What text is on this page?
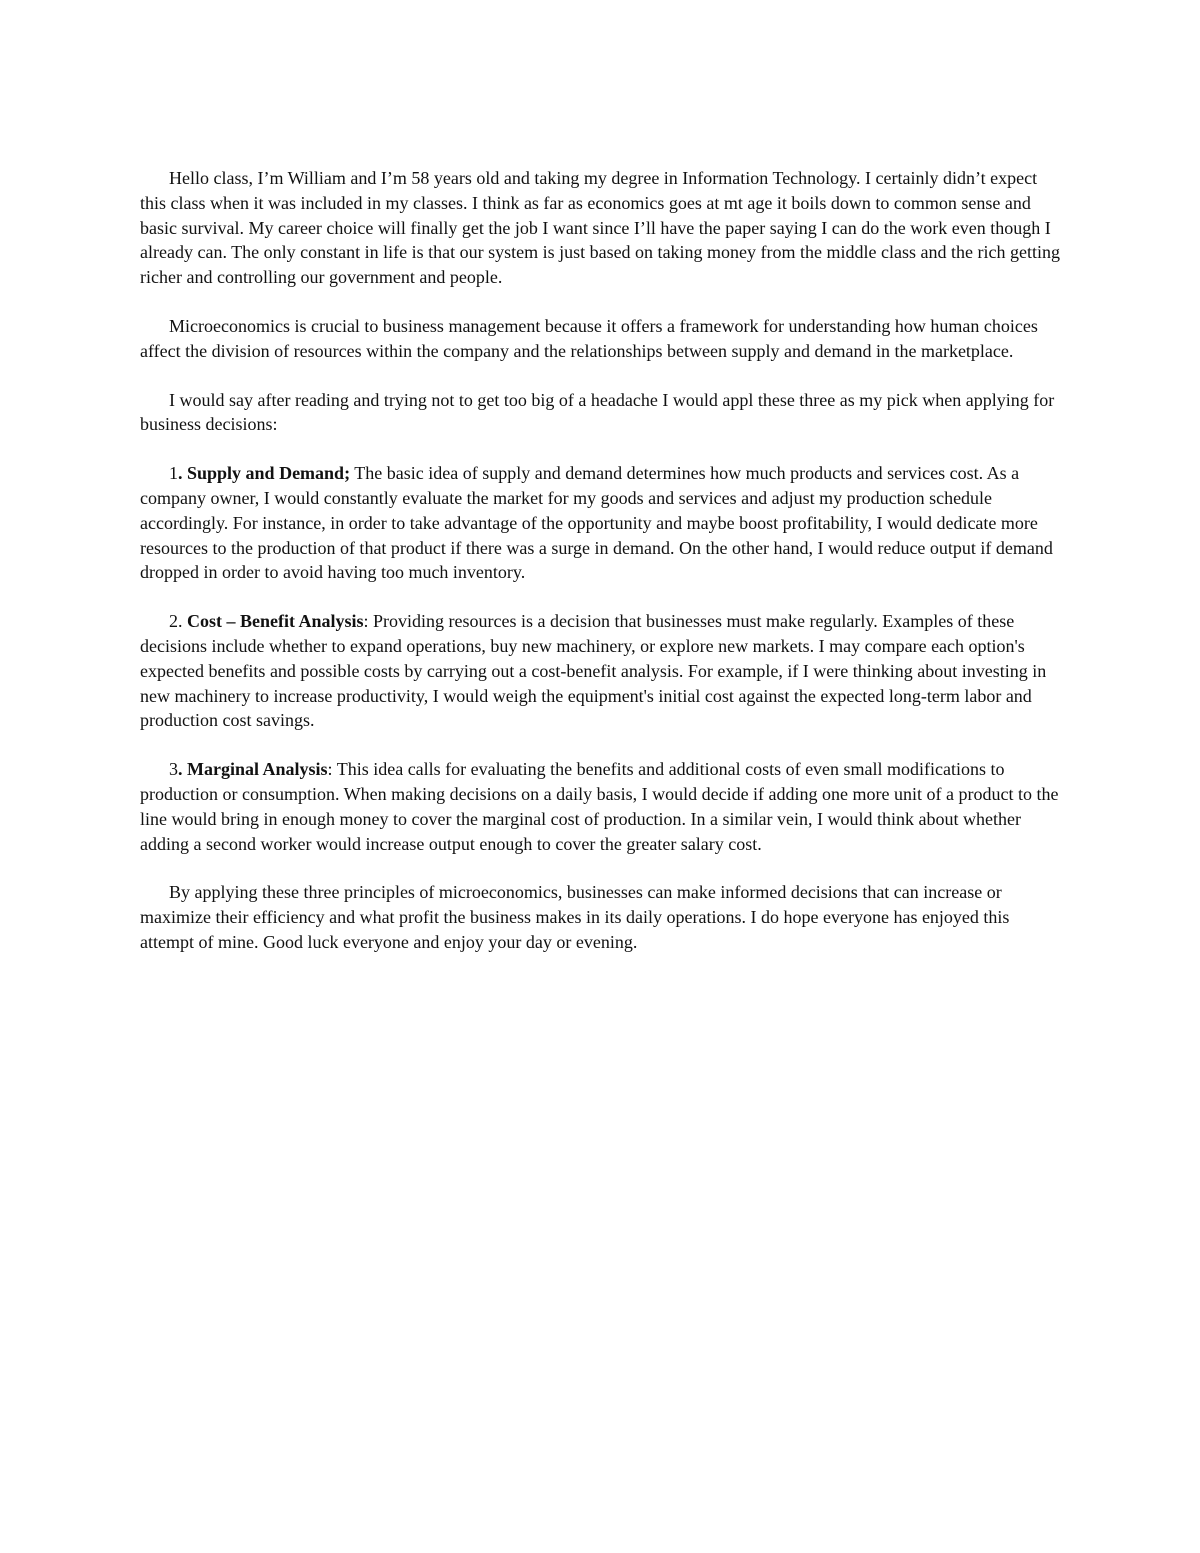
Hello class, I’m William and I’m 58 years old and taking my degree in Information Technology. I certainly didn’t expect this class when it was included in my classes. I think as far as economics goes at mt age it boils down to common sense and basic survival. My career choice will finally get the job I want since I’ll have the paper saying I can do the work even though I already can. The only constant in life is that our system is just based on taking money from the middle class and the rich getting richer and controlling our government and people.

Microeconomics is crucial to business management because it offers a framework for understanding how human choices affect the division of resources within the company and the relationships between supply and demand in the marketplace.

I would say after reading and trying not to get too big of a headache I would appl these three as my pick when applying for business decisions:

1. Supply and Demand; The basic idea of supply and demand determines how much products and services cost. As a company owner, I would constantly evaluate the market for my goods and services and adjust my production schedule accordingly. For instance, in order to take advantage of the opportunity and maybe boost profitability, I would dedicate more resources to the production of that product if there was a surge in demand. On the other hand, I would reduce output if demand dropped in order to avoid having too much inventory.

2. Cost – Benefit Analysis: Providing resources is a decision that businesses must make regularly. Examples of these decisions include whether to expand operations, buy new machinery, or explore new markets. I may compare each option's expected benefits and possible costs by carrying out a cost-benefit analysis. For example, if I were thinking about investing in new machinery to increase productivity, I would weigh the equipment's initial cost against the expected long-term labor and production cost savings.

3. Marginal Analysis: This idea calls for evaluating the benefits and additional costs of even small modifications to production or consumption. When making decisions on a daily basis, I would decide if adding one more unit of a product to the line would bring in enough money to cover the marginal cost of production. In a similar vein, I would think about whether adding a second worker would increase output enough to cover the greater salary cost.

By applying these three principles of microeconomics, businesses can make informed decisions that can increase or maximize their efficiency and what profit the business makes in its daily operations. I do hope everyone has enjoyed this attempt of mine. Good luck everyone and enjoy your day or evening.
